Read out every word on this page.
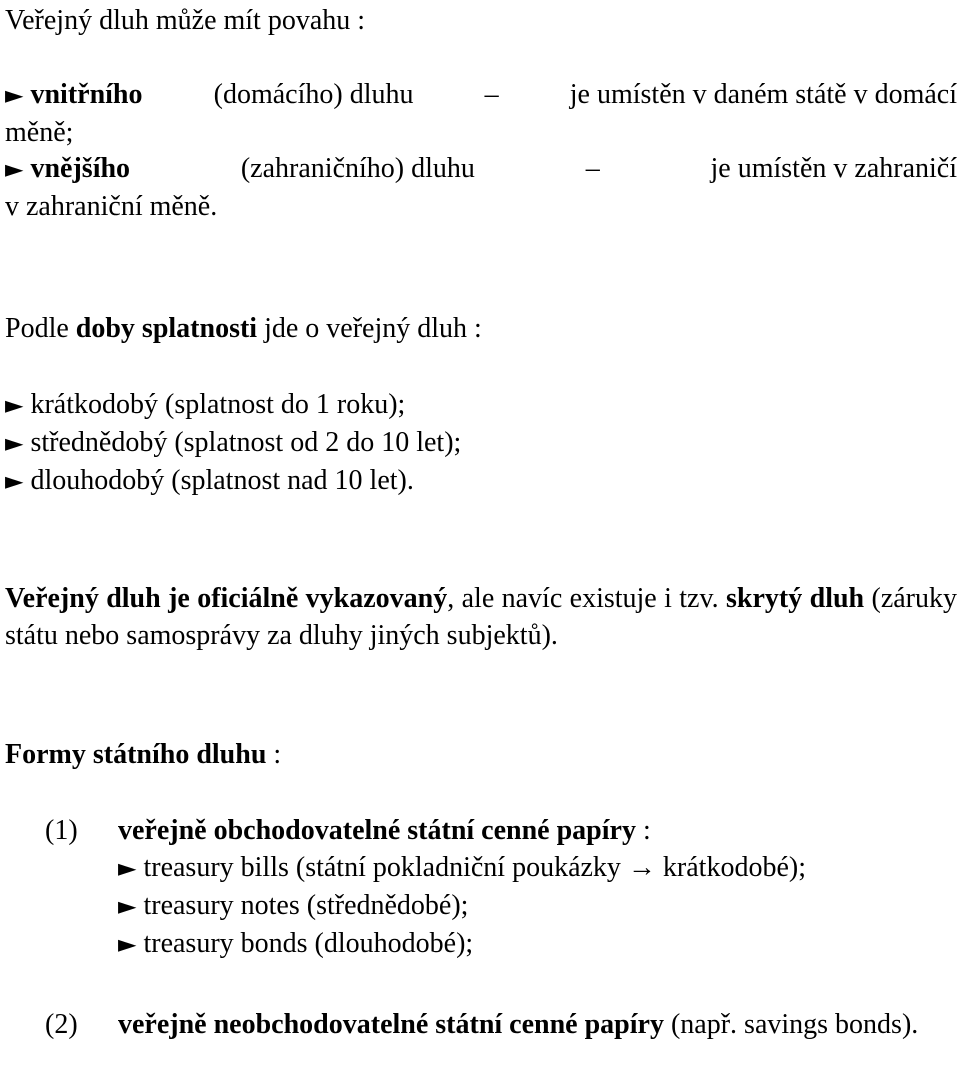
Veřejný dluh může mít povahu :

► vnitřního	(domácího) dluhu	–	je umístěn v daném státě v domácí
měně;
► vnějšího	(zahraničního) dluhu	–	je umístěn v zahraničí
v zahraniční měně.

Podle doby splatnosti jde o veřejný dluh :

► krátkodobý (splatnost do 1 roku);
► střednědobý (splatnost od 2 do 10 let);
► dlouhodobý (splatnost nad 10 let).

Veřejný dluh je oficiálně vykazovaný, ale navíc existuje i tzv. skrytý dluh (záruky státu nebo samosprávy za dluhy jiných subjektů).

Formy státního dluhu :

(1) veřejně obchodovatelné státní cenné papíry :
► treasury bills (státní pokladniční poukázky → krátkodobé);
► treasury notes (střednědobé);
► treasury bonds (dlouhodobé);
(2) veřejně neobchodovatelné státní cenné papíry (např. savings bonds).
